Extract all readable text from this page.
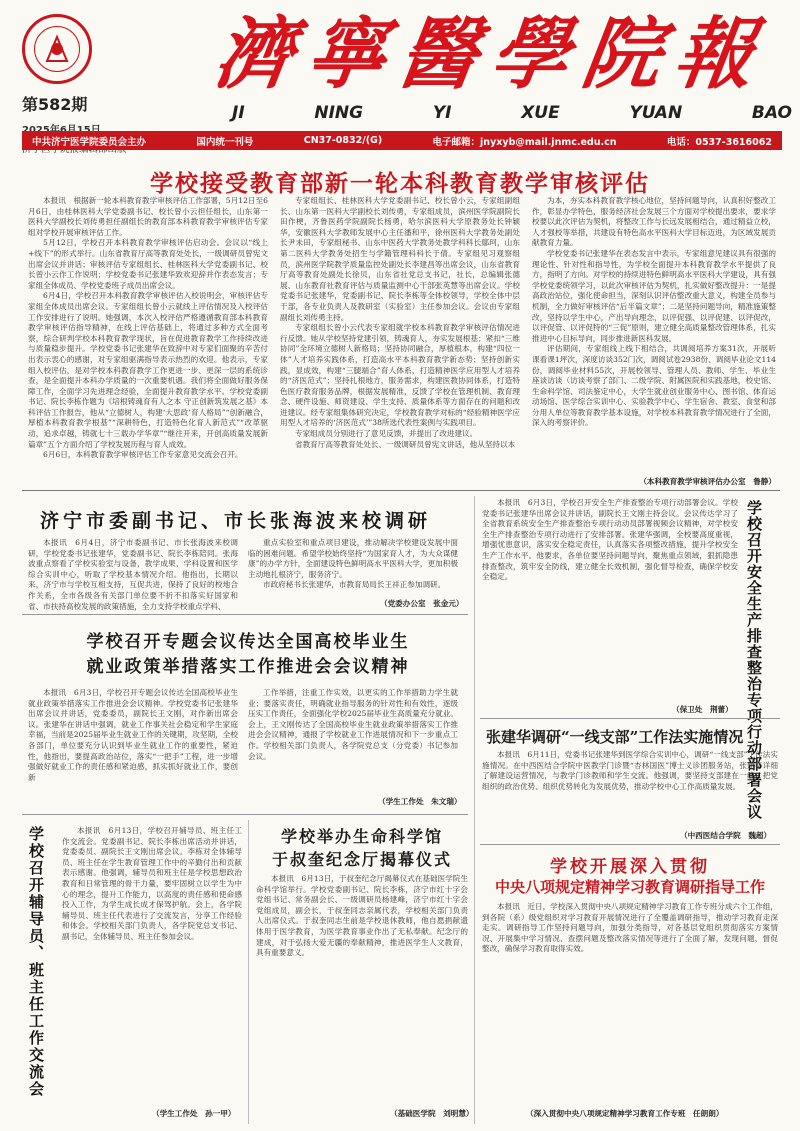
第582期
濟寧醫學院報
JI	NING	YI	XUE	YUAN	BAO
中共济宁医学院委员会主办	国内统一刊号	CN37-0832/(G)	电子邮箱：jnyxyb@mail.jnmc.edu.cn	电话：0537-3616062
学校接受教育部新一轮本科教育教学审核评估

本报讯　根据新一轮本科教育教学审核评估工作部署，5月12日至6月6日，由桂林医科大学党委副书记、校长曾小云担任组长，山东第一医科大学副校长刘传勇担任副组长的教育部本科教育教学审核评估专家组对学校开展审核评估工作。

5月12日，学校召开本科教育教学审核评估启动会。会议以“线上+线下”的形式举行。山东省教育厅高等教育处处长，一级调研员曾宪文出席会议并讲话；审核评估专家组组长、桂林医科大学党委副书记、校长曾小云作工作说明；学校党委书记张建华致欢迎辞并作表态发言；专家组全体成员、学校党委班子成员出席会议。

6月4日，学校召开本科教育教学审核评估入校说明会，审核评估专家组全体成员出席会议。专家组组长曾小云就线上评估情况及入校评估工作安排进行了说明。她强调，本次入校评估严格遵循教育部本科教育教学审核评估指导精神，在线上评估基础上，将通过多种方式全面考察，综合研判学校本科教育教学现状，旨在促进教育教学工作持续改进与质量稳步提升。学校党委书记张建华在致辞中对专家们面聚的辛苦付出表示衷心的感谢，对专家组驱满指导表示热烈的欢迎。他表示，专家组入校评估，是对学校本科教育教学工作更进一步、更深一层的系统诊查，是全面提升本科办学质量的一次重要机遇。我们将全面做好服务保障工作，全面学习先进理念经验，全面提升教育教学水平。学校党委副书记、院长李栋作题为《培根铸魂育有人之本 守正创新筑发展之基》本科评估工作报告，他从“立德树人，构建‘大思政’育人格局”“创新融合，厚植本科教育教学根基”“深耕特色，打造特色化育人新范式”“改革驱动，追求卓越，铸就七十三载办学华章”“继往开来，开创高质量发展新篇章”五个方面介绍了学校发展历程与育人成效。

6月6日，本科教育教学审核评估工作专家意见交流会召开。

专家组组长、桂林医科大学党委副书记、校长曾小云，专家组副组长、山东第一医科大学副校长刘传勇，专家组成员，滨州医学院副院长田作梗，齐鲁医药学院副院长杨勇，哈尔滨医科大学原教务处长钟颖华，安徽医科大学教师发展中心主任潘和平，徐州医科大学教务处副处长尹未田，专家组秘书、山东中医药大学教务处教学科科长鄢珂，山东第二医科大学教务处招生与学籍管理科科长于倩。专家组见习观察组员，滨州医学院教学质量监控处副处长李建昌等出席会议，山东省教育厅高等教育处副处长徐贝，山东省社党总支书记，社长，总编辑张德展、山东教育社教育评估与质量监测中心干部张英慧等出席会议。学校党委书记张建华，党委副书记、院长李栋等全体校领导，学校全体中层干部，各专业负责人及教研室（实验室）主任参加会议。会议由专家组副组长刘传勇主持。

专家组组长曾小云代表专家组就学校本科教育教学审核评估情况进行反馈。她从学校坚持党建引领，铸魂育人，夯实发展根基；紧扣“三维协同”全环境立德树人新格局；坚持协同融合，厚植根本，构建“四位一体”人才培养实践体系，打造高水平本科教育教学新态势；坚持创新实践，显成效，构建“三腿端合”育人体系，打造精神医学应用型人才培养的“济医范式”；坚持扎根地方，服务需求，构建医教协同体系，打造特色医疗教育服务品牌，根据发展精准，反馈了学校在管理机制、教育理念、硬件设施、师资建设、学生支持、质量体系等方面存在的问题和改进建议。经专家组集体研究决定，学校教育教学对标的“经验精神医学应用型人才培养的‘济医范式’”38所选代表性案例与实践项目。

专家组成员分别进行了意见反馈，并提出了改进建议。

省教育厅高等教育处处长、一级调研员曾宪文讲话，他从坚持以本

为本，夯实本科教育教学核心地位，坚持问题导向，认真积好整改工作，彰显办学特色，服务经济社会发展三个方面对学校提出要求，要求学校要以此次评估为契机，将整改工作与长远发展相结合，通过精益立校，人才强校等举措，共建设有特色高水平医科大学目标迈进，为区域发展贡献教育力量。

学校党委书记张建华在表态发言中表示，专家组意见建议具有很强的理论性、针对性和指导性，为学校全面提升本科教育教学水平提供了良方，指明了方向。对学校的持续进特色鲜明高水平医科大学建设，具有强学校党委统领学习，以此次审核评估为契机，扎实做好整改提升：一是提高政治站位，强化使命担当，深刻认识评估整改重大意义，构建全员参与机制，全力做好审核评估“后半篇文章”；二是坚持问题导向，精准施策整改，坚持以学生中心，产出导向理念，以评促强、以评促建、以评促改，以评促管、以评促特的“三促”原则，建立健全高质量整改管理体系，扎实推进中心目标导向，同步推进新医科发展。

评估期间，专家组线上线下相结合，共调阅培养方案31次，开展听课看课1坪次，深度访谈352门次，调阅试卷2938份、调阅毕业论文114份，调阅毕业材料55次，开展校领导、管理人员、教师、学生、毕业生座谈访谈（访谈考察了部门、二级学院、附属医院和实践基地，校史馆、生命科学馆、司法鉴定中心，大学生就业创业服务中心、图书馆、体育运动场馆、医学综合实训中心、实验教学中心、学生宿舍、教室、食堂和部分用人单位等教育教学基本设施，对学校本科教育教学情况进行了全面，深入的考察评价。

（本科教育教学审核评估办公室　鲁静）
济宁市委副书记、市长张海波来校调研

本报讯　6月4日，济宁市委副书记、市长张海波来校调研，学校党委书记张建华，党委副书记、院长李栋陪同。张海波重点察看了学校实验室与设备，教学成果、学科设置和医学综合实训中心，听取了学校基本情况介绍。他指出，长期以来，济宁市与学校互相支持，互促共进，保持了良好的校地合作关系，全市各级各有关部门单位要不折不扣落实好国家和省、市扶持高校发展的政策措施，全力支持学校重点学科、

重点实验室和重点项目建设，推动解决学校建设发展中面临的困难问题。希望学校始终坚持“为国家育人才，为大众谋健康”的办学方针，全面建设特色鲜明高水平医科大学，更加积极主动地扎根济宁，服务济宁。

市政府秘书长张建华，市教育局局长王祥正参加调研。

（党委办公室　张金元）
学校召开专题会议传达全国高校毕业生
就业政策举措落实工作推进会会议精神

本报讯　6月3日，学校召开专题会议传达全国高校毕业生就业政策举措落实工作推进会会议精神。学校党委书记张建华出席会议并讲话，党委委员，副院长王文刚，对作新出席会议。张建华在讲话中强调，就业工作事关社会稳定和学生家庭幸福，当前是2025届毕业生就业工作的关键期，攻坚期，全校各部门，单位要充分认识到毕业生就业工作的重要性，紧迫性，他指出，要提高政治站位，落实“一把手”工程，进一步增强做好就业工作的责任感和紧迫感，抓实抓好就业工作，要创新

工作举措，注重工作实效，以更实的工作举措助力学生就业；要落实责任，明确就业指导服务的针对性和有效性，逐级压实工作责任，全面强化学校2025届毕业生高质量充分就业。会上，王文刚传达了全国高校毕业生就业政策举措落实工作推进会会议精神，通报了学校就业工作进展情况和下一步重点工作。学校相关部门负责人，各学院党总支（分党委）书记参加会议。

（学生工作处　朱文瑞）

本报讯　6月3日，学校召开安全生产排查整治专项行动部署会议。学校党委书记张建华出席会议并讲话，副院长王文刚主持会议。会议传达学习了全省教育系统安全生产排查整治专项行动动员部署视频会议精神，对学校安全生产排查整治专项行动进行了安排部署。张建华强调，全校要高度重视，增强忧患意识，落实安全稳定责任，认真落实各项整改措施，提升学校安全生产工作水平。他要求，各单位要坚持问题导向，聚焦重点领域，狠抓隐患排查整改，筑牢安全防线，建立健全长效机制，强化督导检查，确保学校安全稳定。	学校召开安全生产排查整治专项行动部署会议
（保卫处　荆蕾）
张建华调研“一线支部”工作法实施情况

本报讯　6月11日，党委书记张建华到医学综合实训中心，调研“一线支部”工作法实施情况。在中西医结合学院中医教学门诊暨“杏林国医”博士义诊团服务站，张建华详细了解建设运营情况，与教学门诊教师和学生交流。他强调，要坚持支部建在一线，把党组织的政治优势、组织优势转化为发展优势，推动学校中心工作高质量发展。

（中西医结合学院　魏超）
学校召开辅导员、班主任工作交流会	本报讯　6月13日，学校召开辅导员、班主任工作交流会。党委副书记、院长李栋出席活动并讲话，党委委员、副院长王文刚出席会议。李栋对全体辅导员、班主任在学生教育管理工作中的辛勤付出和贡献表示感谢。他强调，辅导员和班主任是学校思想政治教育和日常管理的骨干力量，要牢固树立以学生为中心的理念，提升工作能力，以高度的责任感和使命感投入工作，为学生成长成才保驾护航。会上，各学院辅导员、班主任代表进行了交流发言，分享工作经验和体会。学校相关部门负责人，各学院党总支书记、副书记，全体辅导员、班主任参加会议。

（学生工作处　孙一甲）
学校举办生命科学馆
于叔奎纪念厅揭幕仪式

本报讯　6月13日，于叔奎纪念厅揭幕仪式在基础医学院生命科学馆举行。学校党委副书记、院长李栋，济宁市红十字会党组书记、常务副会长、一级调研员杨建峰，济宁市红十字会党组成员，副会长，于叔奎同志亲属代表，学校相关部门负责人出席仪式。于叔奎同志生前是学校退休教师，他自愿捐献遗体用于医学教育，为医学教育事业作出了无私奉献。纪念厅的建成，对于弘扬大爱无疆的奉献精神，推进医学生人文教育，具有重要意义。

（基础医学院　刘明慧）
学校开展深入贯彻
中央八项规定精神学习教育调研指导工作

本报讯　近日，学校深入贯彻中央八项规定精神学习教育工作专班分成六个工作组，到各院（系）级党组织对学习教育开展情况进行了全覆盖调研指导，推动学习教育走深走实。调研指导工作坚持问题导向，加强分类指导，对各基层党组织贯彻落实方案情况、开展集中学习情况、查摆问题及整改落实情况等进行了全面了解，发现问题，督促整改，确保学习教育取得实效。

（深入贯彻中央八项规定精神学习教育工作专班　任朗朗）
